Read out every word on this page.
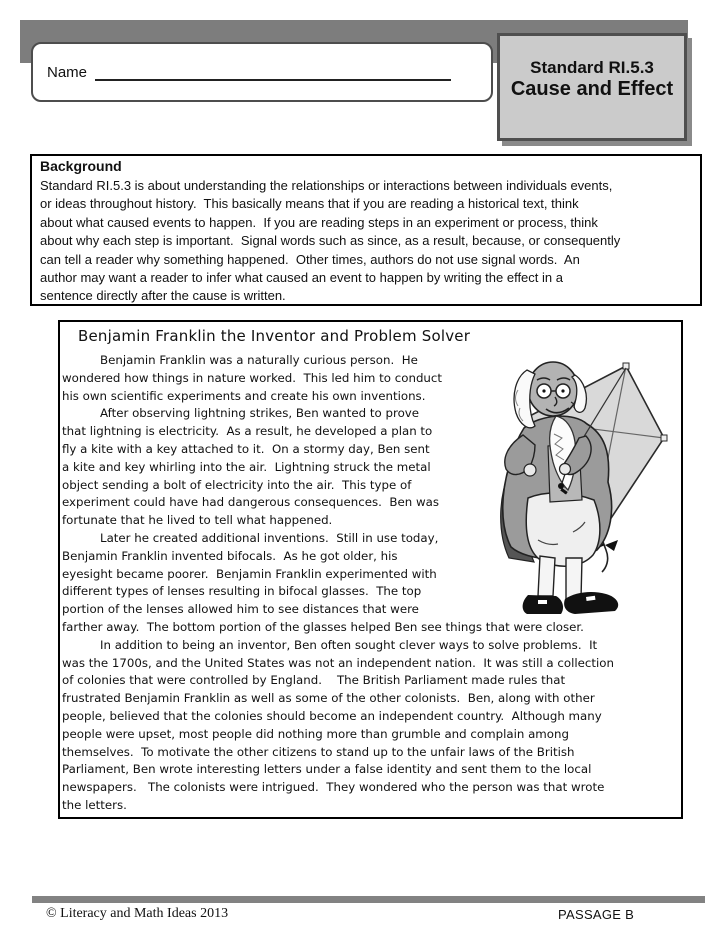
Name	Standard RI.5.3
Cause and Effect
Background
Standard RI.5.3 is about understanding the relationships or interactions between individuals events,
or ideas throughout history.  This basically means that if you are reading a historical text, think
about what caused events to happen.  If you are reading steps in an experiment or process, think
about why each step is important.  Signal words such as since, as a result, because, or consequently
can tell a reader why something happened.  Other times, authors do not use signal words.  An
author may want a reader to infer what caused an event to happen by writing the effect in a
sentence directly after the cause is written.
Benjamin Franklin the Inventor and Problem Solver
Benjamin Franklin was a naturally curious person.  He
wondered how things in nature worked.  This led him to conduct
his own scientific experiments and create his own inventions.
After observing lightning strikes, Ben wanted to prove
that lightning is electricity.  As a result, he developed a plan to
fly a kite with a key attached to it.  On a stormy day, Ben sent
a kite and key whirling into the air.  Lightning struck the metal
object sending a bolt of electricity into the air.  This type of
experiment could have had dangerous consequences.  Ben was
fortunate that he lived to tell what happened.
Later he created additional inventions.  Still in use today,
Benjamin Franklin invented bifocals.  As he got older, his
eyesight became poorer.  Benjamin Franklin experimented with
different types of lenses resulting in bifocal glasses.  The top
portion of the lenses allowed him to see distances that were
farther away.  The bottom portion of the glasses helped Ben see things that were closer.
In addition to being an inventor, Ben often sought clever ways to solve problems.  It
was the 1700s, and the United States was not an independent nation.  It was still a collection
of colonies that were controlled by England.    The British Parliament made rules that
frustrated Benjamin Franklin as well as some of the other colonists.  Ben, along with other
people, believed that the colonies should become an independent country.  Although many
people were upset, most people did nothing more than grumble and complain among
themselves.  To motivate the other citizens to stand up to the unfair laws of the British
Parliament, Ben wrote interesting letters under a false identity and sent them to the local
newspapers.   The colonists were intrigued.  They wondered who the person was that wrote
the letters.
© Literacy and Math Ideas 2013	PASSAGE B
